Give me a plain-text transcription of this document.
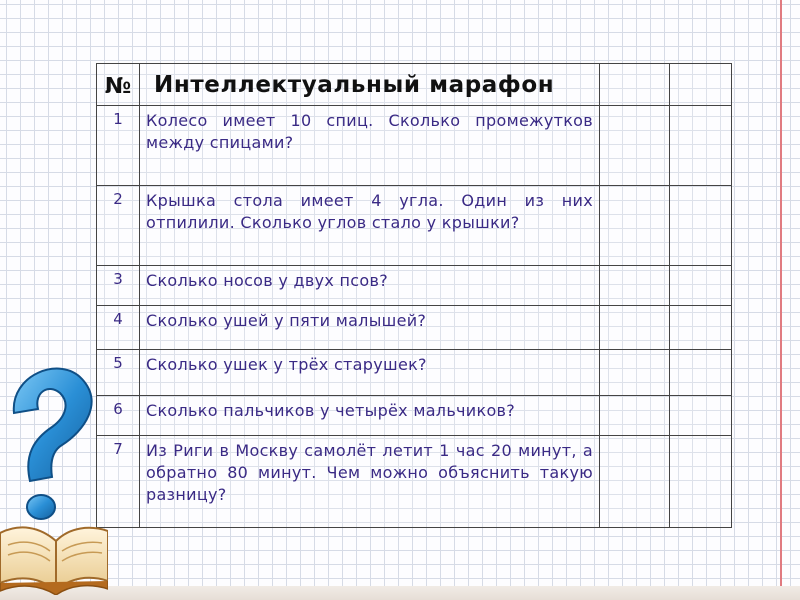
№	Интеллектуальный марафон		
1	Колесо имеет 10 спиц. Сколько промежутков между спицами?		
2	Крышка стола имеет 4 угла. Один из них отпилили. Сколько углов стало у крышки?		
3	Сколько носов у двух псов?		
4	Сколько ушей у пяти малышей?		
5	Сколько ушек у трёх старушек?		
6	Сколько пальчиков у четырёх мальчиков?		
7	Из Риги в Москву самолёт летит 1 час 20 минут, а обратно 80 минут. Чем можно объяснить такую разницу?		
